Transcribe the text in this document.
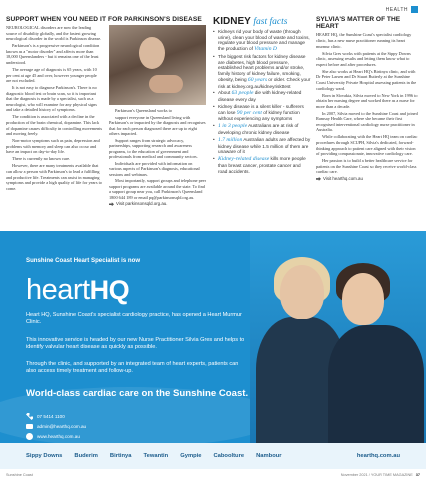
HEALTH
SUPPORT WHEN YOU NEED IT FOR PARKINSON'S DISEASE

NEUROLOGICAL disorders are now the leading source of disability globally, and the fastest growing neurological disorder in the world is Parkinson disease.

Parkinson's is a progressive neurological condition known as a "motor disorder" and affects more than 18,000 Queenslanders - but it remains one of the least understood.

The average age of diagnosis is 65 years, with 10 per cent at age 45 and over, however younger people are not excluded.

It is not easy to diagnose Parkinson's. There is no diagnostic blood test or brain scan, so it is important that the diagnosis is made by a specialist, such as a neurologist, who will examine for any physical signs and take a detailed history of symptoms.

The condition is associated with a decline in the production of the brain chemical, dopamine. This lack of dopamine causes difficulty in controlling movements and moving freely.

Non-motor symptoms such as pain, depression and problems with memory and sleep can also occur and have an impact on day-to-day life.

There is currently no known cure.

However, there are many treatments available that can allow a person with Parkinson's to lead a fulfilling and productive life. Treatments can assist in managing symptoms and provide a high quality of life for years to come.

Parkinson's Queensland works to

support everyone in Queensland living with Parkinson's or impacted by the diagnosis and recognises that for each person diagnosed there are up to eight others impacted.

Support ranges from strategic advocacy, partnerships, supporting research and awareness programs, to the education of government and professionals from medical and community sectors.

Individuals are provided with information on various aspects of Parkinson's diagnosis, educational sessions and webinars.

Most importantly, support groups and telephone peer support programs are available around the state. To find a support group near you, call Parkinson's Queensland 1800 644 189 or email pq@parkinsonsqld.org.au.

Visit parkinsonsqld.org.au.
KIDNEY fast facts
• Kidneys rid your body of waste (through urine), clean your blood of waste and toxins, regulate your blood pressure and manage the production of Vitamin D
• The biggest risk factors for kidney disease are diabetes, high blood pressure, established heart problems and/or stroke, family history of kidney failure, smoking, obesity, being 60 years or older. Check your risk at kidney.org.au/kidneyriskttest
• About 63 people die with kidney-related disease every day
• Kidney disease is a silent killer - sufferers can lose 90 per cent of kidney function without experiencing any symptoms
• 1 in 3 people Australians are at risk of developing chronic kidney disease
• 1.7 million Australian adults are affected by kidney disease while 1.5 million of them are unaware of it
• Kidney-related disease kills more people than breast cancer, prostate cancer and road accidents.
SYLVIA'S MATTER OF THE HEART

HEART HQ, the Sunshine Coast's specialist cardiology clinic, has a new nurse practitioner running its heart murmur clinic.

Silvia Gres works with patients at the Sippy Downs clinic, assessing results and letting them know what to expect before and after procedures.

She also works at Heart HQ's Birtinya clinic, and with Dr Peter Larsen and Dr Stuart Butterly at the Sunshine Coast University Private Hospital assessing patients in the cardiology ward.

Born in Slovakia, Silvia moved to New York in 1996 to obtain her nursing degree and worked there as a nurse for more than a decade.

In 2007, Silvia moved to the Sunshine Coast and joined Ramsay Health Care, where she became their first recognised interventional cardiology nurse practitioner in Australia.

While collaborating with the Heart HQ team on cardiac procedures through SCUPH, Silvia's dedicated, forward-thinking approach to patient care aligned with their vision of providing compassionate, innovative cardiology care.

Her passion is to build a better healthcare service for patients on the Sunshine Coast so they receive world-class cardiac care.

Visit hearthq.com.au
Sunshine Coast Heart Specialist is now
heartHQ
Heart HQ, Sunshine Coast's specialist cardiology practice, has opened a Heart Murmur Clinic.
This innovative service is headed by our new Nurse Practitioner Silvia Gres and helps to identify valvular heart disease as quickly as possible.
Through the clinic, and supported by an integrated team of heart experts, patients can also access timely treatment and follow-up.
World-class cardiac care on the Sunshine Coast.
07 5414 1100
admin@hearthq.com.au
www.hearthq.com.au
Sippy Downs Buderim Birtinya Tewantin Gympie Caboolture Nambour	hearthq.com.au
Sunshine Coast	November 2021 / YOUR TIME MAGAZINE 37
